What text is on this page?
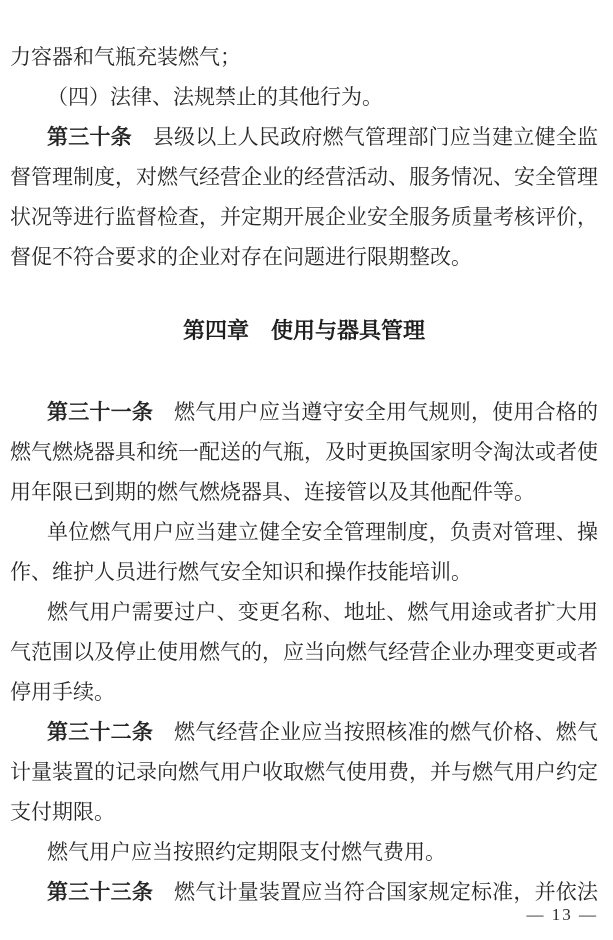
力容器和气瓶充装燃气；
（四）法律、法规禁止的其他行为。
第三十条 县级以上人民政府燃气管理部门应当建立健全监
督管理制度，对燃气经营企业的经营活动、服务情况、安全管理
状况等进行监督检查，并定期开展企业安全服务质量考核评价，
督促不符合要求的企业对存在问题进行限期整改。
第四章　使用与器具管理
第三十一条 燃气用户应当遵守安全用气规则，使用合格的
燃气燃烧器具和统一配送的气瓶，及时更换国家明令淘汰或者使
用年限已到期的燃气燃烧器具、连接管以及其他配件等。
单位燃气用户应当建立健全安全管理制度，负责对管理、操
作、维护人员进行燃气安全知识和操作技能培训。
燃气用户需要过户、变更名称、地址、燃气用途或者扩大用
气范围以及停止使用燃气的，应当向燃气经营企业办理变更或者
停用手续。
第三十二条 燃气经营企业应当按照核准的燃气价格、燃气
计量装置的记录向燃气用户收取燃气使用费，并与燃气用户约定
支付期限。
燃气用户应当按照约定期限支付燃气费用。
第三十三条 燃气计量装置应当符合国家规定标准，并依法
— 13 —
